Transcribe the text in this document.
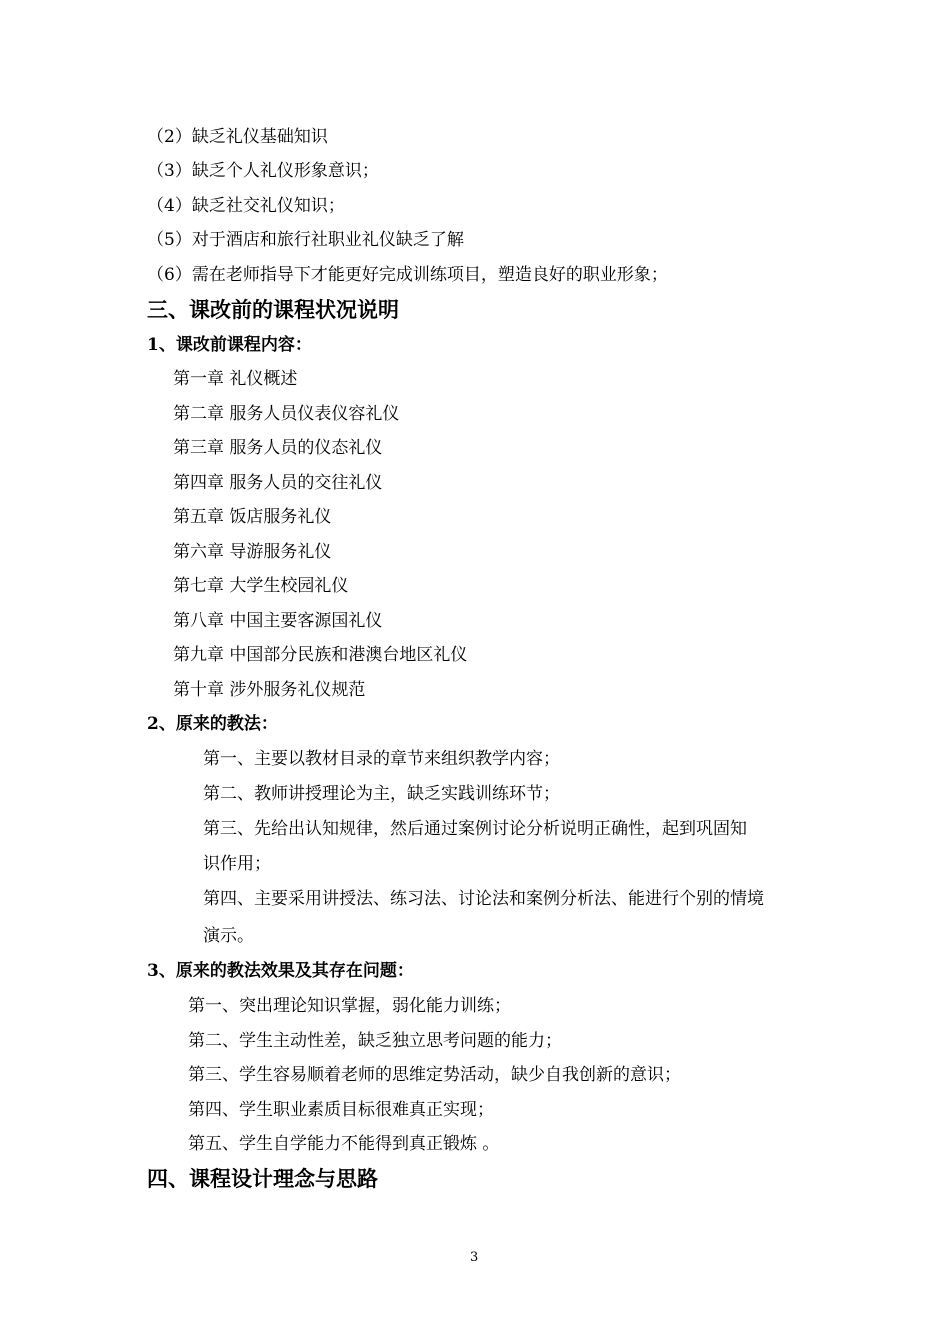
（2）缺乏礼仪基础知识
（3）缺乏个人礼仪形象意识；
（4）缺乏社交礼仪知识；
（5）对于酒店和旅行社职业礼仪缺乏了解
（6）需在老师指导下才能更好完成训练项目，塑造良好的职业形象；
三、课改前的课程状况说明
1、课改前课程内容：
第一章 礼仪概述
第二章 服务人员仪表仪容礼仪
第三章 服务人员的仪态礼仪
第四章 服务人员的交往礼仪
第五章 饭店服务礼仪
第六章 导游服务礼仪
第七章 大学生校园礼仪
第八章 中国主要客源国礼仪
第九章 中国部分民族和港澳台地区礼仪
第十章 涉外服务礼仪规范
2、原来的教法：
第一、主要以教材目录的章节来组织教学内容；
第二、教师讲授理论为主，缺乏实践训练环节；
第三、先给出认知规律，然后通过案例讨论分析说明正确性，起到巩固知
识作用；
第四、主要采用讲授法、练习法、讨论法和案例分析法、能进行个别的情境
演示。
3、原来的教法效果及其存在问题：
第一、突出理论知识掌握，弱化能力训练；
第二、学生主动性差，缺乏独立思考问题的能力；
第三、学生容易顺着老师的思维定势活动，缺少自我创新的意识；
第四、学生职业素质目标很难真正实现；
第五、学生自学能力不能得到真正锻炼 。
四、课程设计理念与思路
3
